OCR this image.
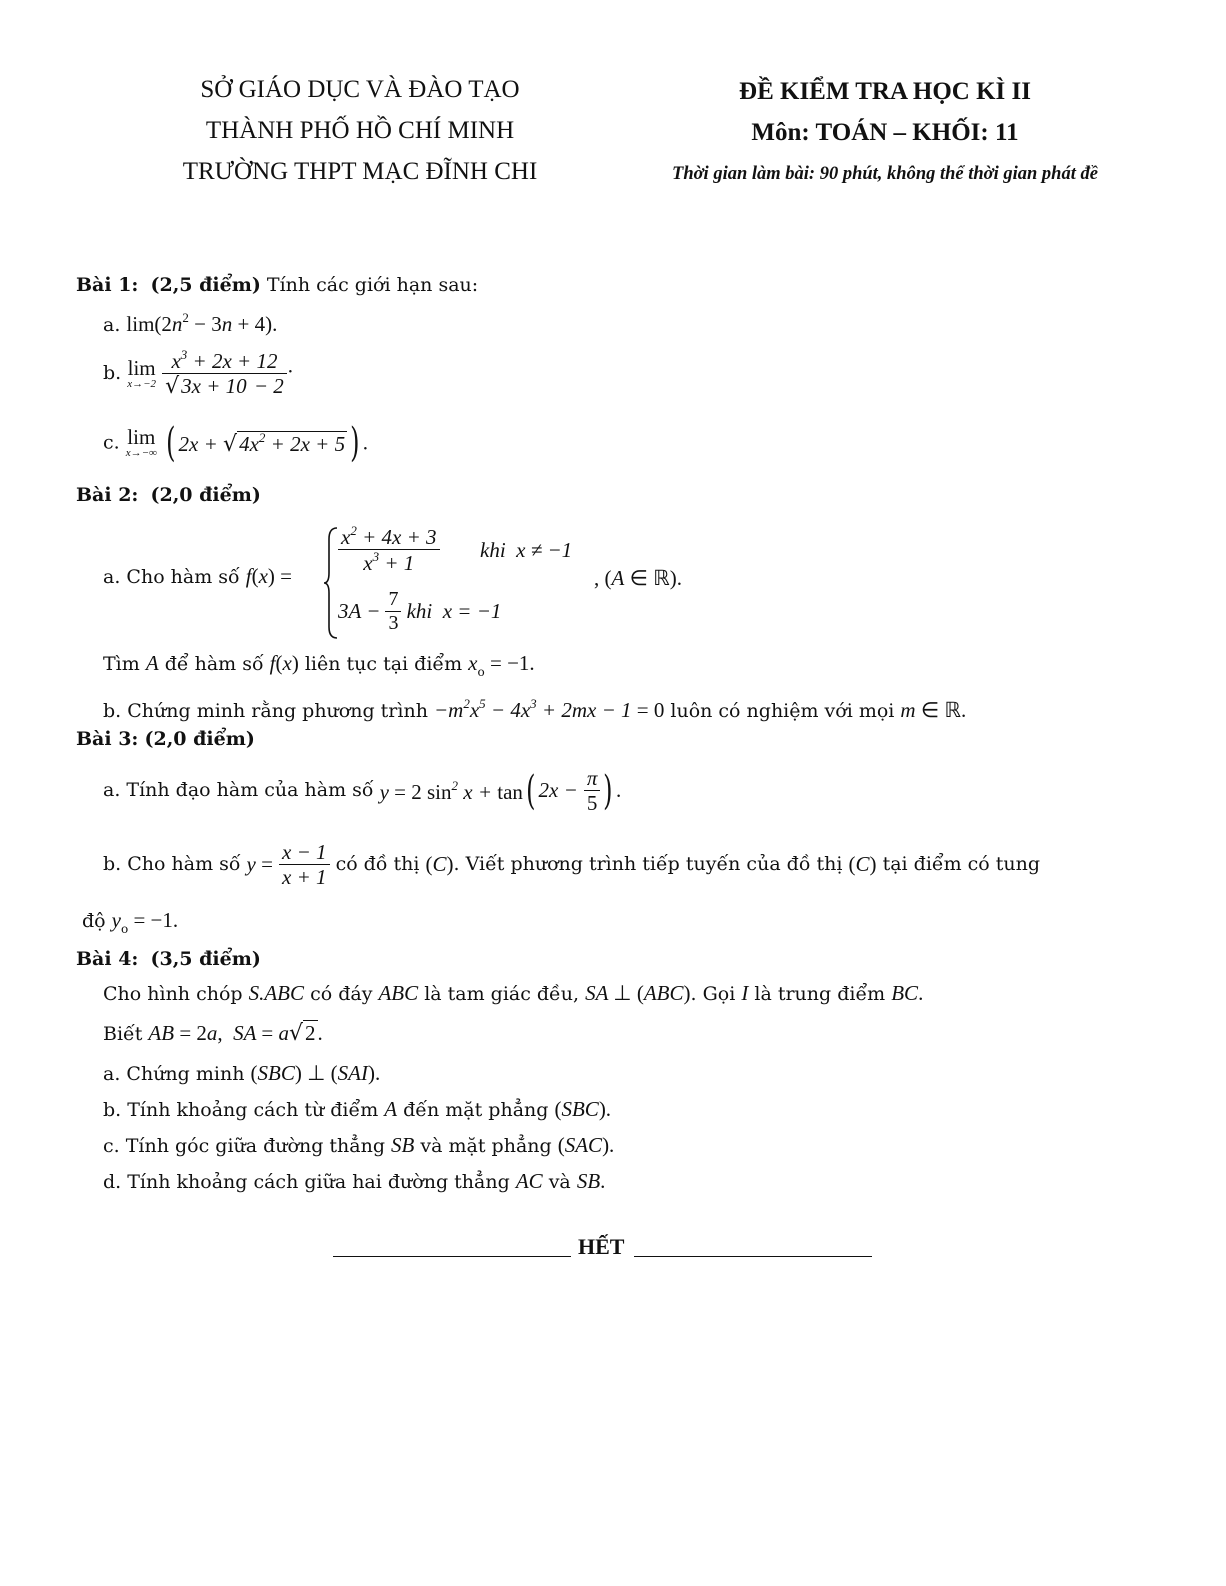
SỞ GIÁO DỤC VÀ ĐÀO TẠO
THÀNH PHỐ HỒ CHÍ MINH
TRƯỜNG THPT MẠC ĐĨNH CHI
ĐỀ KIỂM TRA HỌC KÌ II
Môn: TOÁN – KHỐI: 11
Thời gian làm bài: 90 phút, không thể thời gian phát đề
Bài 1: (2,5 điểm) Tính các giới hạn sau:
a. $\lim(2n^2 - 3n + 4)$.
b. lim
x→−2
$\frac{x^3 + 2x + 12}{√3x + 10 - 2}$ ·
c. lim
x→−∞ ( $2x + √4x^2 + 2x + 5$ ) .
Bài 2: (2,0 điểm)
a. Cho hàm số f(x) =
$\frac{x^2 + 4x + 3}{x^3 + 1}$ khi  x ≠ −1
$3A - \frac{7}{3}$ khi  x = −1
, (A ∈ ℝ).
Tìm A để hàm số f(x) liên tục tại điểm $x_o = -1$.
b. Chứng minh rằng phương trình $-m^2x^5 - 4x^3 + 2mx - 1 = 0$ luôn có nghiệm với mọi m ∈ ℝ.
Bài 3: (2,0 điểm)
a. Tính đạo hàm của hàm số y = 2 $\sin^2 x + \tan$( $2x - \frac{\pi}{5}$ ) .
b. Cho hàm số $y = \frac{x - 1}{x + 1}$ có đồ thị (C). Viết phương trình tiếp tuyến của đồ thị (C) tại điểm có tung
độ $y_o = -1$.
Bài 4: (3,5 điểm)
Cho hình chóp S.ABC có đáy ABC là tam giác đều, SA ⊥ (ABC). Gọi I là trung điểm BC.
Biết AB = 2a,  SA = a√2.
a. Chứng minh (SBC) ⊥ (SAI).
b. Tính khoảng cách từ điểm A đến mặt phẳng (SBC).
c. Tính góc giữa đường thẳng SB và mặt phẳng (SAC).
d. Tính khoảng cách giữa hai đường thẳng AC và SB.
HẾT
